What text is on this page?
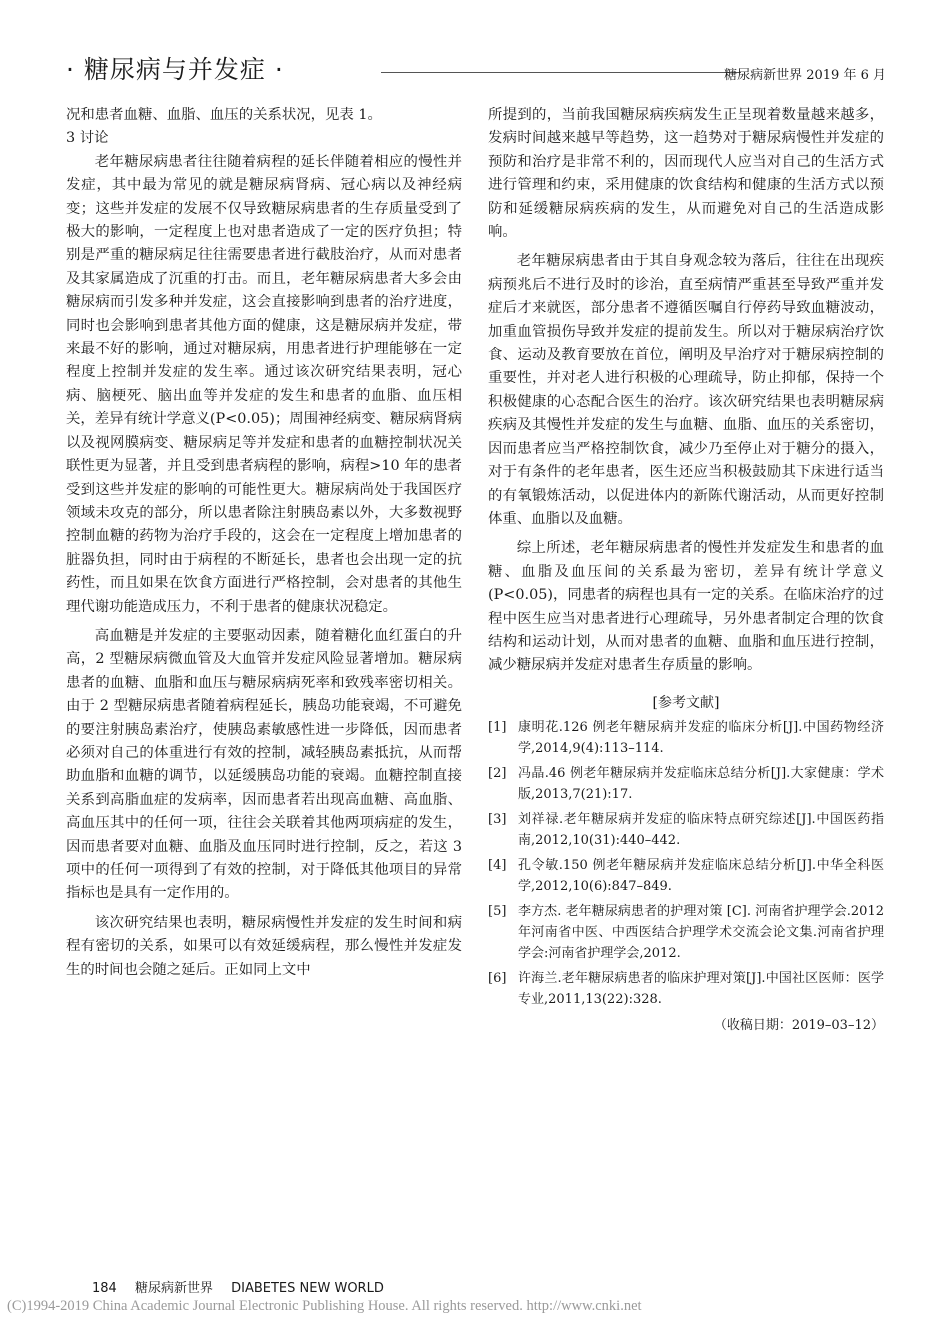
· 糖尿病与并发症 ·	糖尿病新世界 2019 年 6 月

况和患者血糖、血脂、血压的关系状况，见表 1。

3 讨论

老年糖尿病患者往往随着病程的延长伴随着相应的慢性并发症，其中最为常见的就是糖尿病肾病、冠心病以及神经病变；这些并发症的发展不仅导致糖尿病患者的生存质量受到了极大的影响，一定程度上也对患者造成了一定的医疗负担；特别是严重的糖尿病足往往需要患者进行截肢治疗，从而对患者及其家属造成了沉重的打击。而且，老年糖尿病患者大多会由糖尿病而引发多种并发症，这会直接影响到患者的治疗进度，同时也会影响到患者其他方面的健康，这是糖尿病并发症，带来最不好的影响，通过对糖尿病，用患者进行护理能够在一定程度上控制并发症的发生率。通过该次研究结果表明，冠心病、脑梗死、脑出血等并发症的发生和患者的血脂、血压相关，差异有统计学意义(P<0.05)；周围神经病变、糖尿病肾病以及视网膜病变、糖尿病足等并发症和患者的血糖控制状况关联性更为显著，并且受到患者病程的影响，病程>10 年的患者受到这些并发症的影响的可能性更大。糖尿病尚处于我国医疗领域未攻克的部分，所以患者除注射胰岛素以外，大多数视野控制血糖的药物为治疗手段的，这会在一定程度上增加患者的脏器负担，同时由于病程的不断延长，患者也会出现一定的抗药性，而且如果在饮食方面进行严格控制，会对患者的其他生理代谢功能造成压力，不利于患者的健康状况稳定。

高血糖是并发症的主要驱动因素，随着糖化血红蛋白的升高，2 型糖尿病微血管及大血管并发症风险显著增加。糖尿病患者的血糖、血脂和血压与糖尿病病死率和致残率密切相关。由于 2 型糖尿病患者随着病程延长，胰岛功能衰竭，不可避免的要注射胰岛素治疗，使胰岛素敏感性进一步降低，因而患者必须对自己的体重进行有效的控制，减轻胰岛素抵抗，从而帮助血脂和血糖的调节，以延缓胰岛功能的衰竭。血糖控制直接关系到高脂血症的发病率，因而患者若出现高血糖、高血脂、高血压其中的任何一项，往往会关联着其他两项病症的发生，因而患者要对血糖、血脂及血压同时进行控制，反之，若这 3 项中的任何一项得到了有效的控制，对于降低其他项目的异常指标也是具有一定作用的。

该次研究结果也表明，糖尿病慢性并发症的发生时间和病程有密切的关系，如果可以有效延缓病程，那么慢性并发症发生的时间也会随之延后。正如同上文中

所提到的，当前我国糖尿病疾病发生正呈现着数量越来越多，发病时间越来越早等趋势，这一趋势对于糖尿病慢性并发症的预防和治疗是非常不利的，因而现代人应当对自己的生活方式进行管理和约束，采用健康的饮食结构和健康的生活方式以预防和延缓糖尿病疾病的发生，从而避免对自己的生活造成影响。

老年糖尿病患者由于其自身观念较为落后，往往在出现疾病预兆后不进行及时的诊治，直至病情严重甚至导致严重并发症后才来就医，部分患者不遵循医嘱自行停药导致血糖波动，加重血管损伤导致并发症的提前发生。所以对于糖尿病治疗饮食、运动及教育要放在首位，阐明及早治疗对于糖尿病控制的重要性，并对老人进行积极的心理疏导，防止抑郁，保持一个积极健康的心态配合医生的治疗。该次研究结果也表明糖尿病疾病及其慢性并发症的发生与血糖、血脂、血压的关系密切，因而患者应当严格控制饮食，减少乃至停止对于糖分的摄入，对于有条件的老年患者，医生还应当积极鼓励其下床进行适当的有氧锻炼活动，以促进体内的新陈代谢活动，从而更好控制体重、血脂以及血糖。

综上所述，老年糖尿病患者的慢性并发症发生和患者的血糖、血脂及血压间的关系最为密切，差异有统计学意义(P<0.05)，同患者的病程也具有一定的关系。在临床治疗的过程中医生应当对患者进行心理疏导，另外患者制定合理的饮食结构和运动计划，从而对患者的血糖、血脂和血压进行控制，减少糖尿病并发症对患者生存质量的影响。

[参考文献]
[1] 康明花.126 例老年糖尿病并发症的临床分析[J].中国药物经济学,2014,9(4):113–114.
[2] 冯晶.46 例老年糖尿病并发症临床总结分析[J].大家健康：学术版,2013,7(21):17.
[3] 刘祥禄.老年糖尿病并发症的临床特点研究综述[J].中国医药指南,2012,10(31):440–442.
[4] 孔令敏.150 例老年糖尿病并发症临床总结分析[J].中华全科医学,2012,10(6):847–849.
[5] 李方杰. 老年糖尿病患者的护理对策 [C]. 河南省护理学会.2012 年河南省中医、中西医结合护理学术交流会论文集.河南省护理学会:河南省护理学会,2012.
[6] 许海兰.老年糖尿病患者的临床护理对策[J].中国社区医师：医学专业,2011,13(22):328.
（收稿日期：2019–03–12）
184 糖尿病新世界 DIABETES NEW WORLD
(C)1994-2019 China Academic Journal Electronic Publishing House. All rights reserved. http://www.cnki.net
